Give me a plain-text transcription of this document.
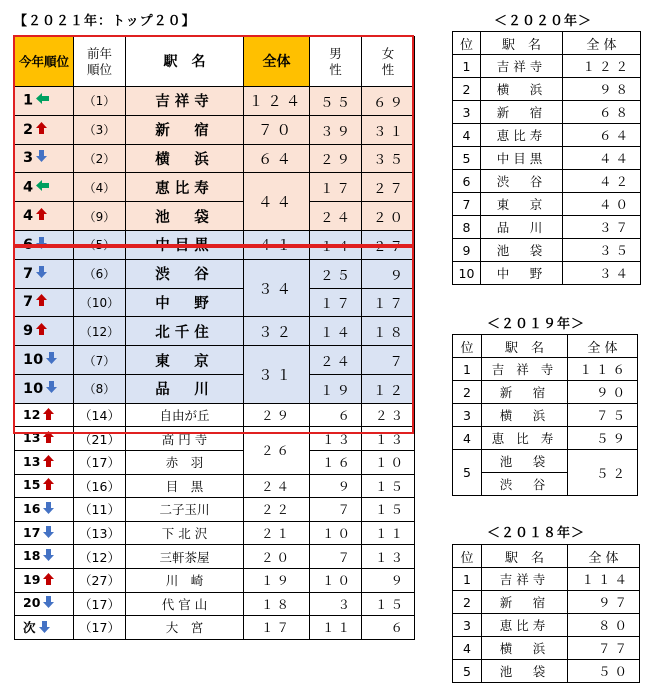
【２０２１年：トップ２０】
今年順位	前年順位	駅　名	全体	男性	女性

1	（1）	吉祥寺	１２４	５５	６９
2	（3）	新　宿	７０	３９	３１
3	（2）	横　浜	６４	２９	３５
4	（4）	恵比寿	４４	１７	２７
4	（9）	池　袋		２４	２０
6	（5）	中目黒	４１	１４	２７
7	（6）	渋　谷	３４	２５	９
7	（10）	中　野		１７	１７
9	（12）	北千住	３２	１４	１８
10	（7）	東　京	３１	２４	７
10	（8）	品　川		１９	１２
12	（14）	自由が丘	２９	６	２３
13	（21）	高 円 寺	２６	１３	１３
13	（17）	赤　羽		１６	１０
15	（16）	目　黒	２４	９	１５
16	（11）	二子玉川	２２	７	１５
17	（13）	下 北 沢	２１	１０	１１
18	（12）	三軒茶屋	２０	７	１３
19	（27）	川　崎	１９	１０	９
20	（17）	代 官 山	１８	３	１５
次	（17）	大　宮	１７	１１	６
＜２０２０年＞
位	駅　名	全 体
1	吉祥寺	１２２
2	横　浜	９８
3	新　宿	６８
4	恵比寿	６４
5	中目黒	４４
6	渋　谷	４２
7	東　京	４０
8	品　川	３７
9	池　袋	３５
10	中　野	３４
＜２０１９年＞
位	駅　名	全 体
1	吉 祥 寺	１１６
2	新　宿	９０
3	横　浜	７５
4	恵 比 寿	５９
5	池　袋	５２
	渋　谷	
＜２０１８年＞
位	駅　名	全 体
1	吉祥寺	１１４
2	新　宿	９７
3	恵比寿	８０
4	横　浜	７７
5	池　袋	５０
